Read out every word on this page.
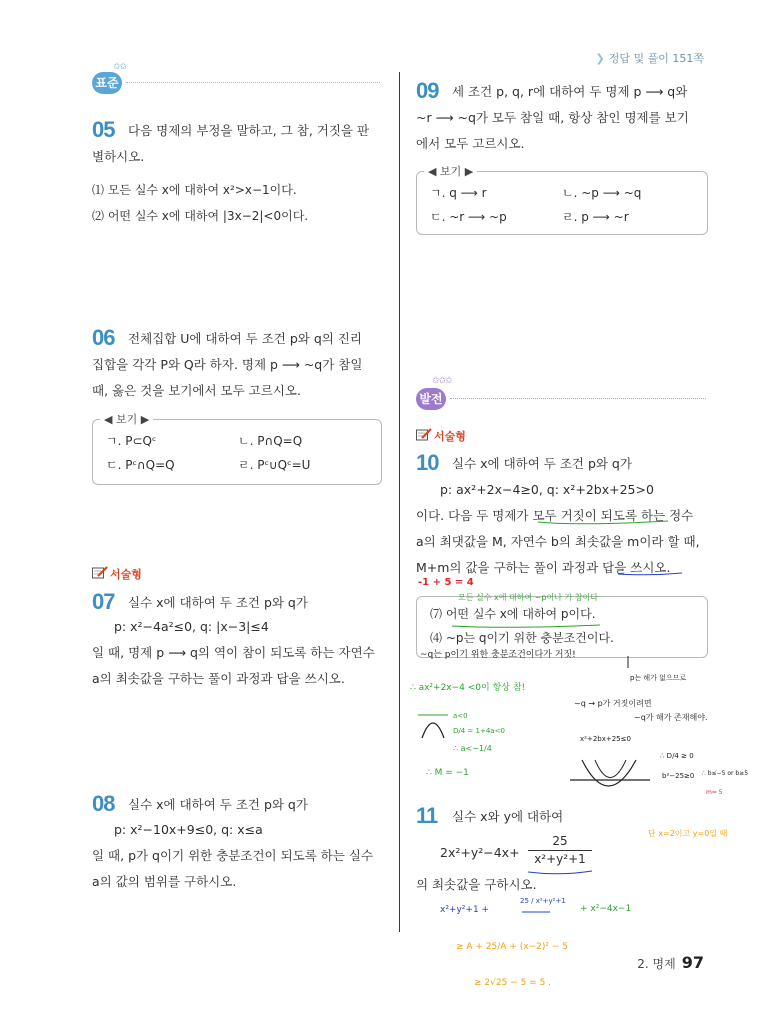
❯ 정답 및 풀이 151쪽
✩✩
표준
05 다음 명제의 부정을 말하고, 그 참, 거짓을 판
별하시오.
⑴ 모든 실수 x에 대하여 x²>x−1이다.
⑵ 어떤 실수 x에 대하여 |3x−2|<0이다.
06 전체집합 U에 대하여 두 조건 p와 q의 진리
집합을 각각 P와 Q라 하자. 명제 p ⟶ ~q가 참일
때, 옳은 것을 보기에서 모두 고르시오.
◀ 보기 ▶
ㄱ. P⊂Qᶜ	ㄴ. P∩Q=Q
ㄷ. Pᶜ∩Q=Q	ㄹ. Pᶜ∪Qᶜ=U
서술형
07 실수 x에 대하여 두 조건 p와 q가
p: x²−4a²≤0, q: |x−3|≤4
일 때, 명제 p ⟶ q의 역이 참이 되도록 하는 자연수
a의 최솟값을 구하는 풀이 과정과 답을 쓰시오.
08 실수 x에 대하여 두 조건 p와 q가
p: x²−10x+9≤0, q: x≤a
일 때, p가 q이기 위한 충분조건이 되도록 하는 실수
a의 값의 범위를 구하시오.
09 세 조건 p, q, r에 대하여 두 명제 p ⟶ q와
~r ⟶ ~q가 모두 참일 때, 항상 참인 명제를 보기
에서 모두 고르시오.
◀ 보기 ▶
ㄱ. q ⟶ r	ㄴ. ~p ⟶ ~q
ㄷ. ~r ⟶ ~p	ㄹ. p ⟶ ~r
✩✩✩
발전
서술형
10 실수 x에 대하여 두 조건 p와 q가
p: ax²+2x−4≥0, q: x²+2bx+25>0
이다. 다음 두 명제가 모두 거짓이 되도록 하는 정수
a의 최댓값을 M, 자연수 b의 최솟값을 m이라 할 때,
M+m의 값을 구하는 풀이 과정과 답을 쓰시오.
⑺ 어떤 실수 x에 대하여 p이다.
⑷ ~p는 q이기 위한 충분조건이다.
11 실수 x와 y에 대하여
2x²+y²−4x+
25
x²+y²+1
의 최솟값을 구하시오.
-1 + 5 = 4
모든 실수 x에 대하여 ~p이나 가 참이다
~q는 p이기 위한 충분조건이다가 거짓!
∴ ax²+2x−4 <0이 항상 참!
a<0
D/4 = 1+4a<0
∴ a<−1/4
∴ M = −1
~q → p가 거짓이려면
~q가 해가 존재해야.
p는 해가 없으므로
x²+2bx+25≤0
∴ D/4 ≥ 0
b²−25≥0 ∴ b≤−5 or b≥5
m= 5
단 x=2이고 y=0일 때
x²+y²+1 +
25 / x²+y²+1
+ x²−4x−1
≥ A + 25/A + (x−2)² − 5
≥ 2√25 − 5 = 5 .
2. 명제 97
